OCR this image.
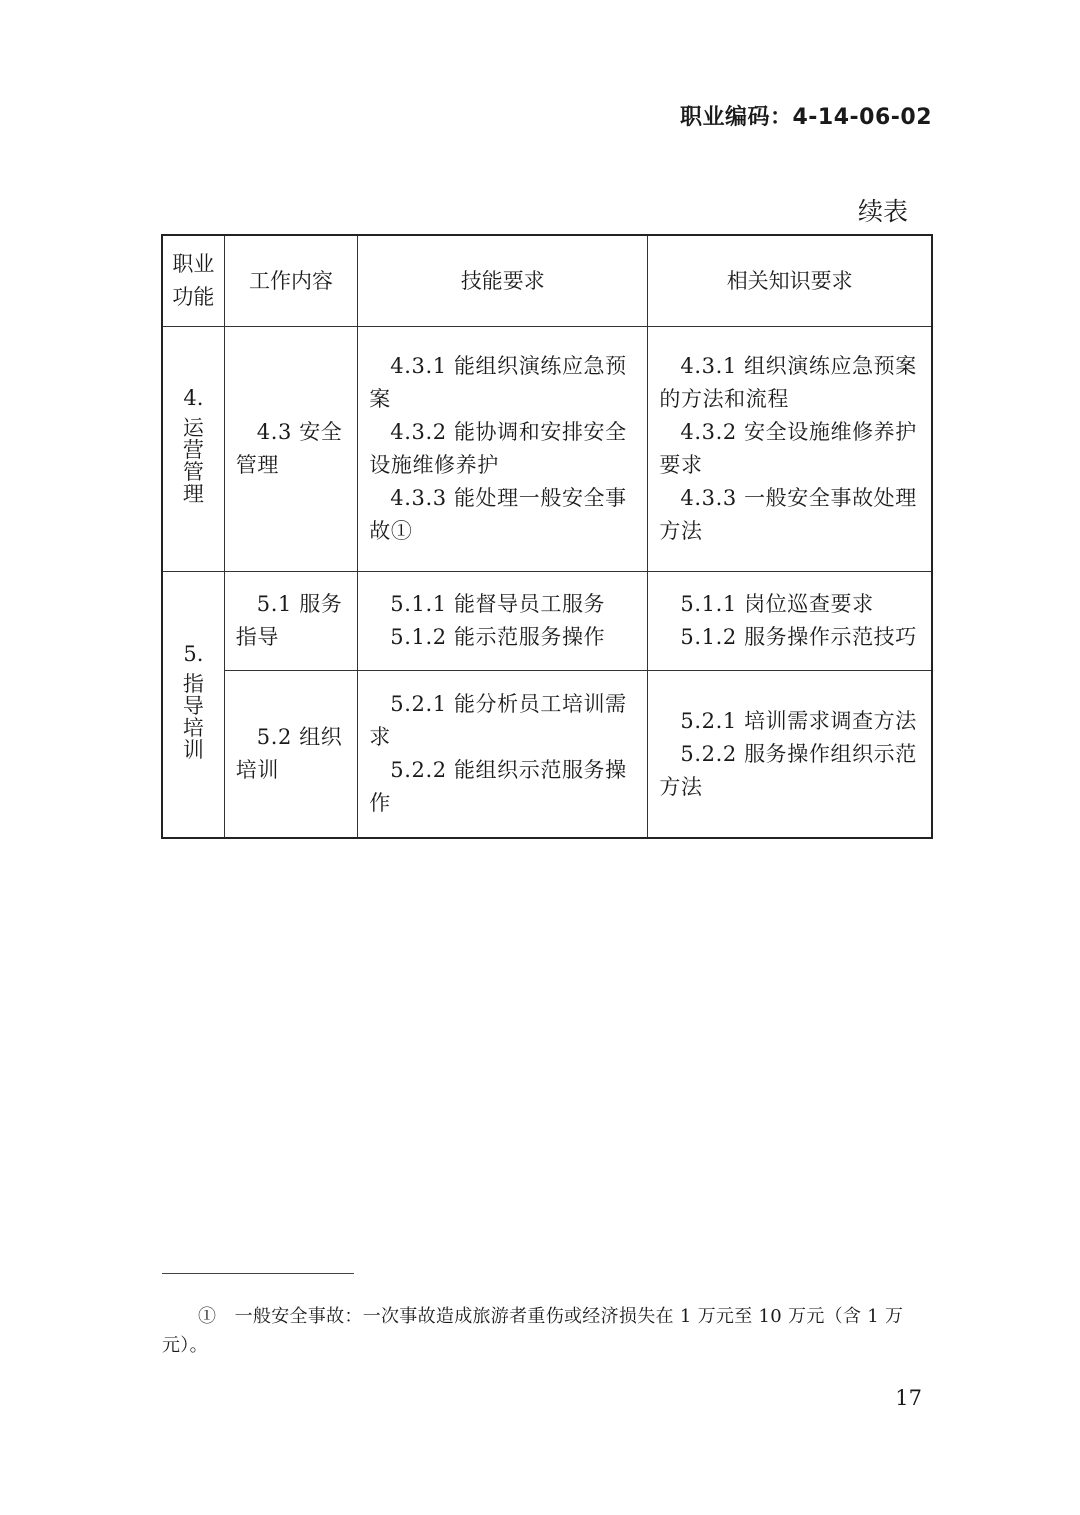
职业编码：4-14-06-02
续表
职业功能	工作内容	技能要求	相关知识要求

4.
运
营
管
理	4.3 安全管理	4.3.1 能组织演练应急预案
4.3.2 能协调和安排安全设施维修养护
4.3.3 能处理一般安全事故①	4.3.1 组织演练应急预案的方法和流程
4.3.2 安全设施维修养护要求
4.3.3 一般安全事故处理方法

5.
指
导
培
训	5.1 服务指导	5.1.1 能督导员工服务
5.1.2 能示范服务操作	5.1.1 岗位巡查要求
5.1.2 服务操作示范技巧

	5.2 组织培训	5.2.1 能分析员工培训需求
5.2.2 能组织示范服务操作	5.2.1 培训需求调查方法
5.2.2 服务操作组织示范方法
①　一般安全事故：一次事故造成旅游者重伤或经济损失在 1 万元至 10 万元（含 1 万元）。
17
